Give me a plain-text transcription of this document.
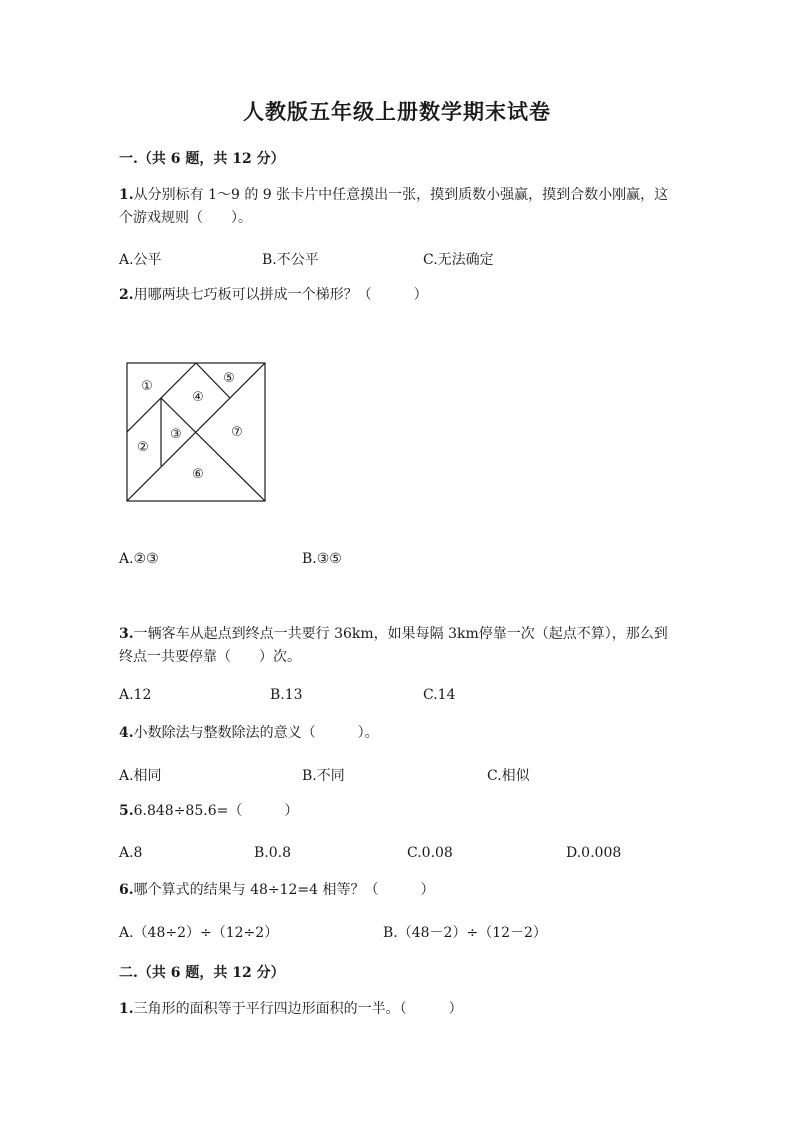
人教版五年级上册数学期末试卷
一.（共 6 题，共 12 分）
1.从分别标有 1～9 的 9 张卡片中任意摸出一张，摸到质数小强赢，摸到合数小刚赢，这个游戏规则（　　）。
A.公平	B.不公平	C.无法确定
2.用哪两块七巧板可以拼成一个梯形？（　　　）
①
②
③
④
⑤
⑥
⑦
A.②③	B.③⑤
3.一辆客车从起点到终点一共要行 36km，如果每隔 3km停靠一次（起点不算），那么到终点一共要停靠（　　）次。
A.12	B.13	C.14
4.小数除法与整数除法的意义（　　　）。
A.相同	B.不同	C.相似
5.6.848÷85.6=（　　　）
A.8	B.0.8	C.0.08	D.0.008
6.哪个算式的结果与 48÷12=4 相等？（　　　）
A.（48÷2）÷（12÷2）	B.（48－2）÷（12－2）
二.（共 6 题，共 12 分）
1.三角形的面积等于平行四边形面积的一半。（　　　）
